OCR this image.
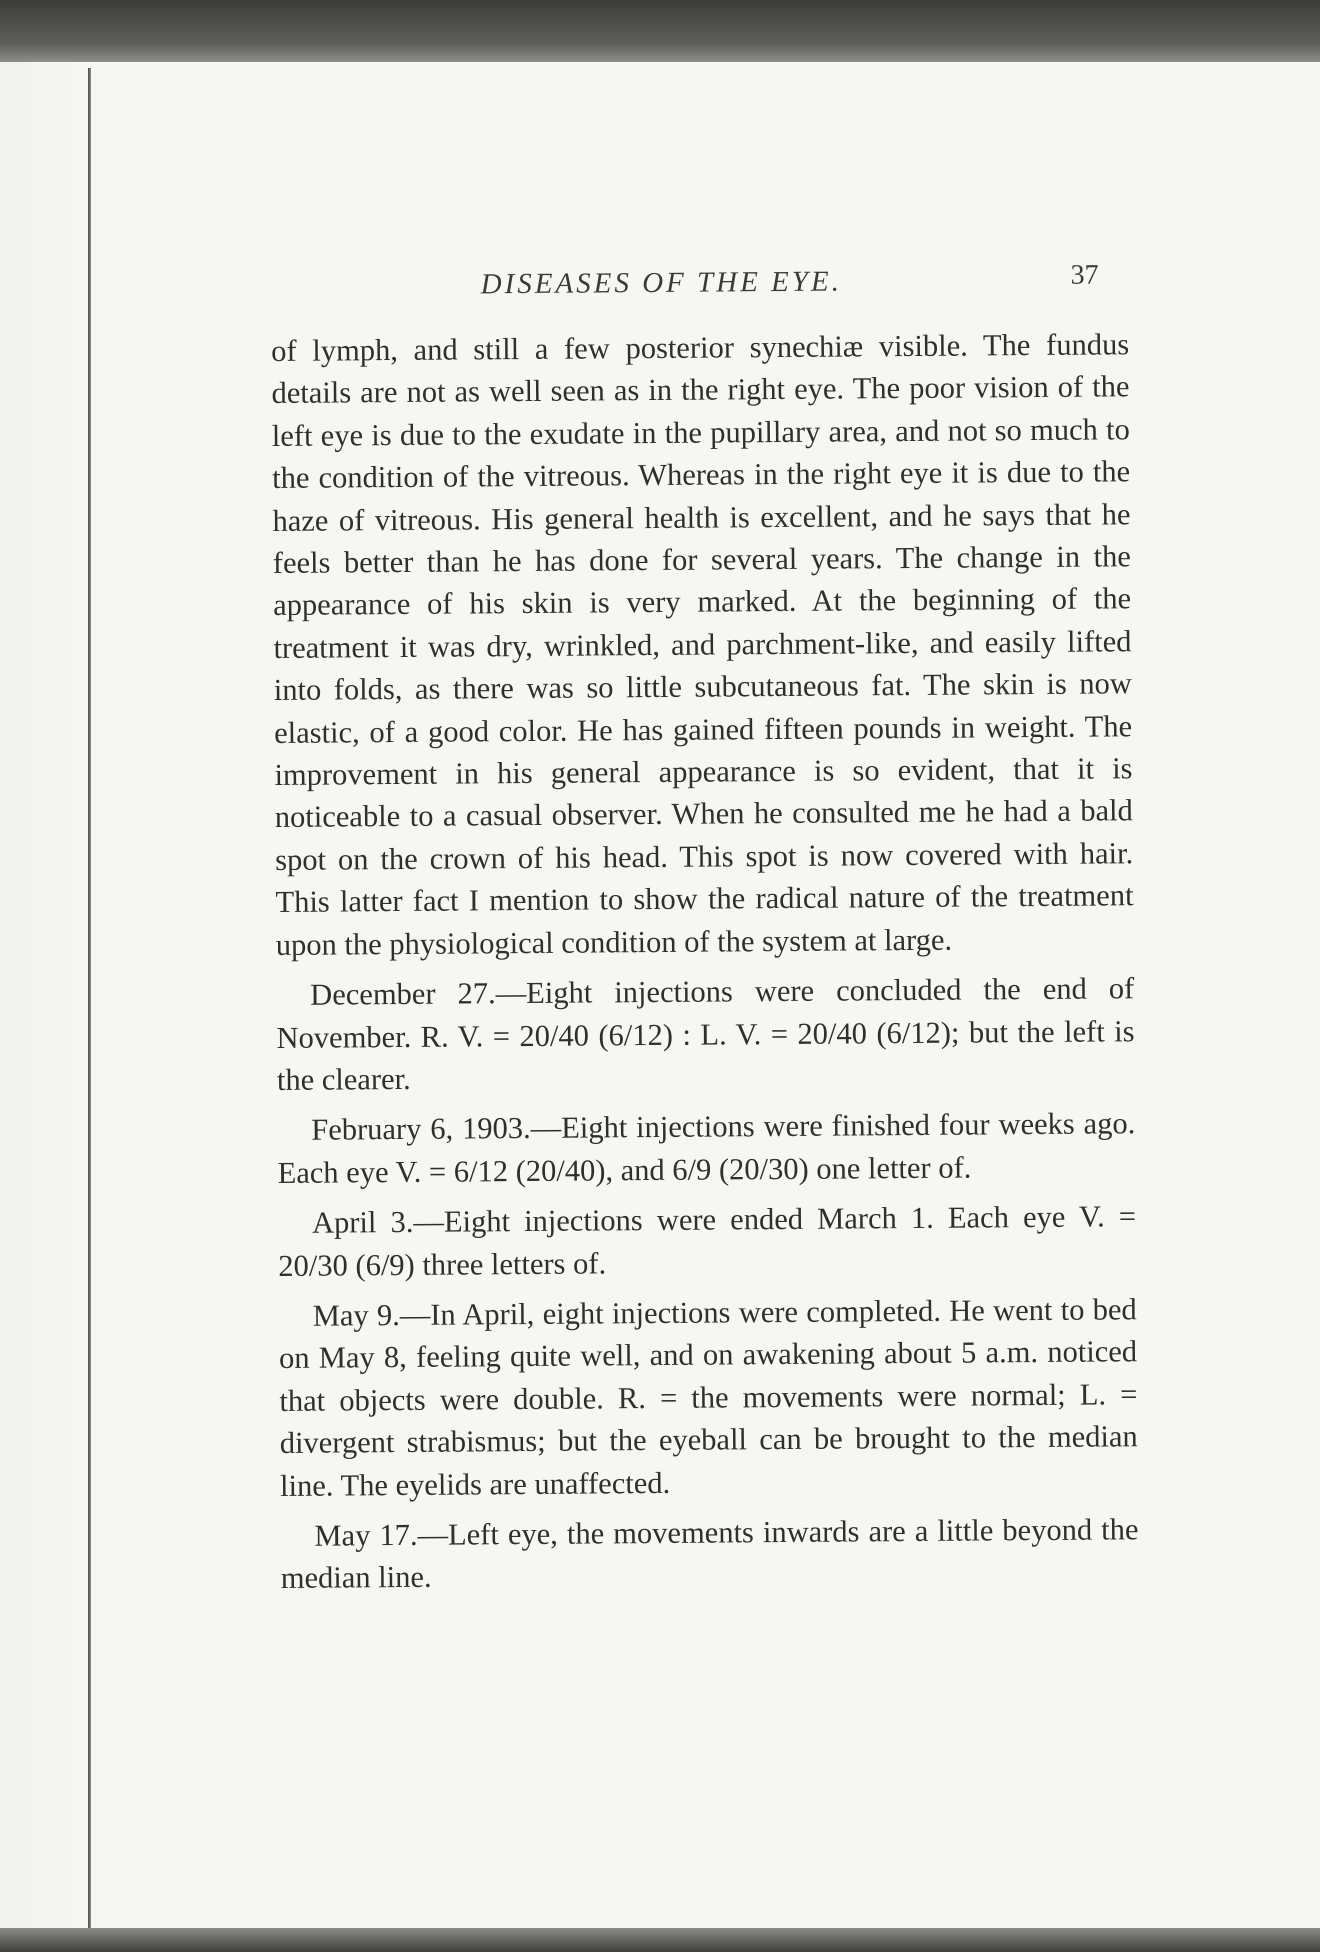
DISEASES OF THE EYE.	37

of lymph, and still a few posterior synechiæ visible. The fundus details are not as well seen as in the right eye. The poor vision of the left eye is due to the exudate in the pupillary area, and not so much to the condition of the vitreous. Whereas in the right eye it is due to the haze of vitreous. His general health is excellent, and he says that he feels better than he has done for several years. The change in the appearance of his skin is very marked. At the beginning of the treatment it was dry, wrinkled, and parchment-like, and easily lifted into folds, as there was so little subcutaneous fat. The skin is now elastic, of a good color. He has gained fifteen pounds in weight. The improvement in his general appearance is so evident, that it is noticeable to a casual observer. When he consulted me he had a bald spot on the crown of his head. This spot is now covered with hair. This latter fact I mention to show the radical nature of the treatment upon the physiological condition of the system at large.

December 27.—Eight injections were concluded the end of November. R. V. = 20/40 (6/12) : L. V. = 20/40 (6/12); but the left is the clearer.

February 6, 1903.—Eight injections were finished four weeks ago. Each eye V. = 6/12 (20/40), and 6/9 (20/30) one letter of.

April 3.—Eight injections were ended March 1. Each eye V. = 20/30 (6/9) three letters of.

May 9.—In April, eight injections were completed. He went to bed on May 8, feeling quite well, and on awakening about 5 a.m. noticed that objects were double. R. = the movements were normal; L. = divergent strabismus; but the eyeball can be brought to the median line. The eyelids are unaffected.

May 17.—Left eye, the movements inwards are a little beyond the median line.
